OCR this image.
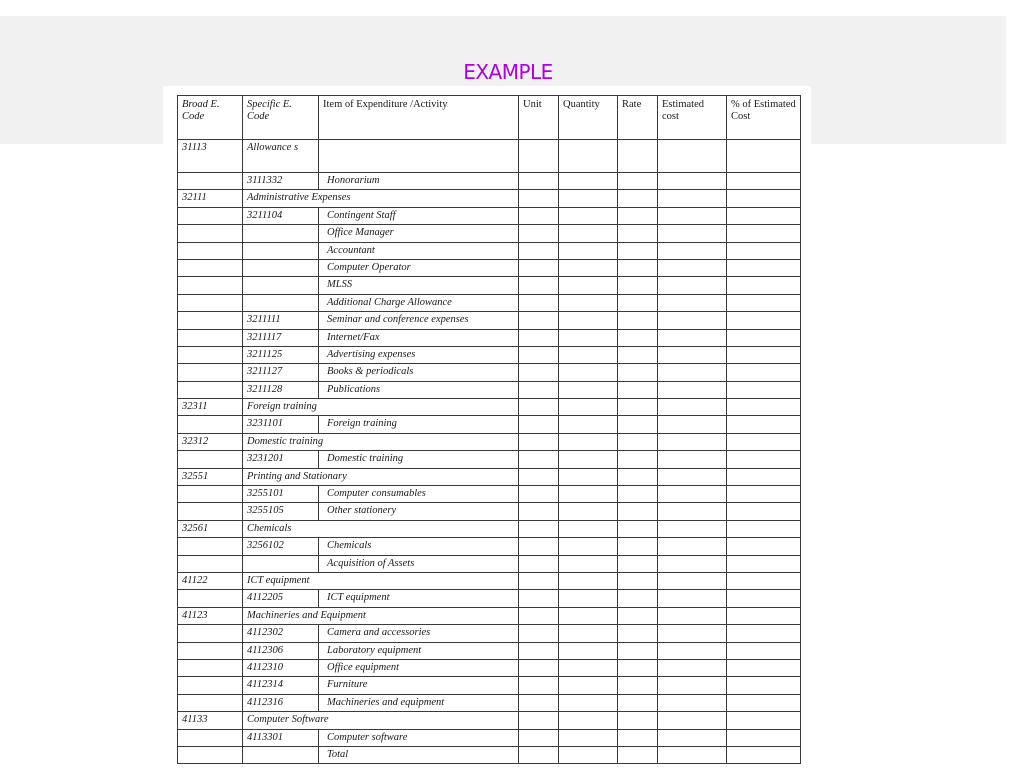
EXAMPLE
Broad E. Code	Specific E. Code	Item of Expenditure /Activity	Unit	Quantity	Rate	Estimated cost	% of Estimated Cost
31113	Allowance s						
	3111332	Honorarium					
32111	Administrative Expenses						
	3211104	Contingent Staff					
		Office Manager					
		Accountant					
		Computer Operator					
		MLSS					
		Additional Charge Allowance					
	3211111	Seminar and conference expenses					
	3211117	Internet/Fax					
	3211125	Advertising expenses					
	3211127	Books & periodicals					
	3211128	Publications					
32311	Foreign training						
	3231101	Foreign training					
32312	Domestic training						
	3231201	Domestic training					
32551	Printing and Stationary						
	3255101	Computer consumables					
	3255105	Other stationery					
32561	Chemicals						
	3256102	Chemicals					
		Acquisition of Assets					
41122	ICT equipment						
	4112205	ICT equipment					
41123	Machineries and Equipment						
	4112302	Camera and accessories					
	4112306	Laboratory equipment					
	4112310	Office equipment					
	4112314	Furniture					
	4112316	Machineries and equipment					
41133	Computer Software						
	4113301	Computer software					
		Total					
